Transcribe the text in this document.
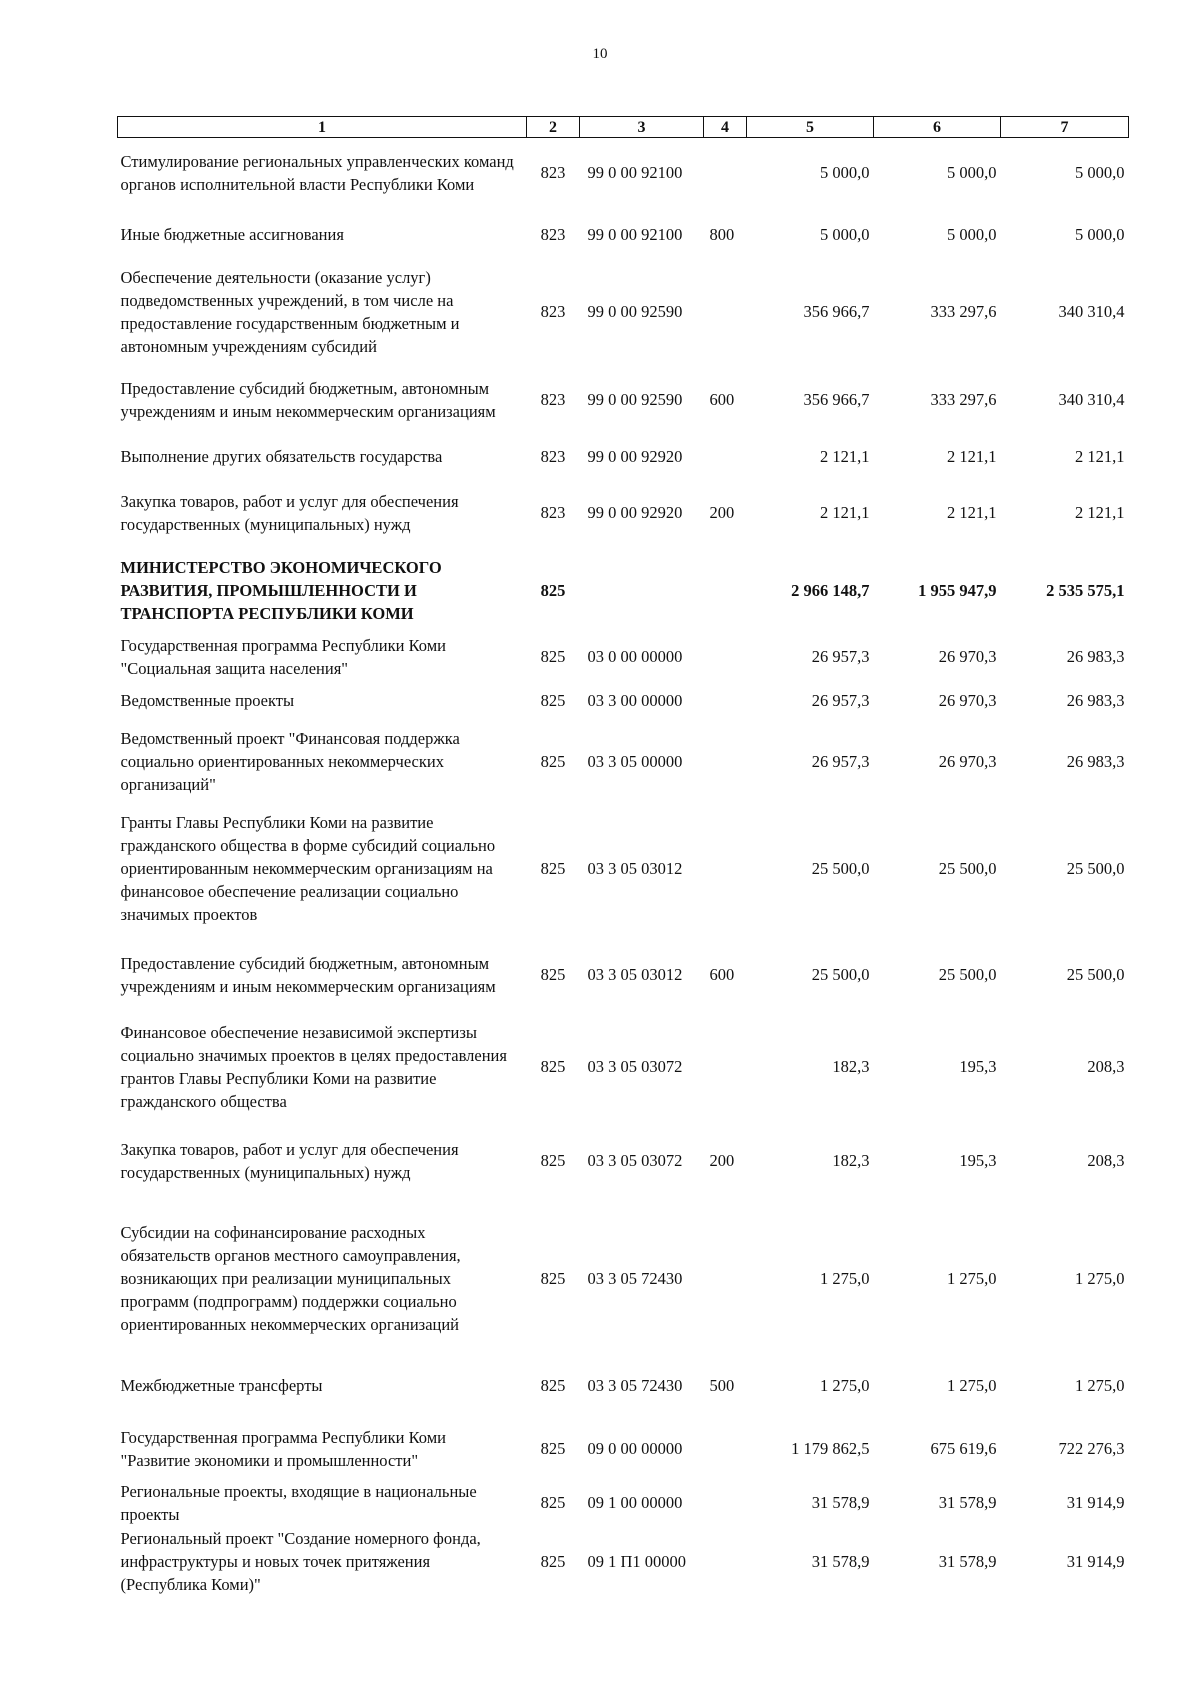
10
1	2	3	4	5	6	7
Стимулирование региональных управленческих команд органов исполнительной власти Республики Коми	823	99 0 00 92100		5 000,0	5 000,0	5 000,0
Иные бюджетные ассигнования	823	99 0 00 92100	800	5 000,0	5 000,0	5 000,0
Обеспечение деятельности (оказание услуг) подведомственных учреждений, в том числе на предоставление государственным бюджетным и автономным учреждениям субсидий	823	99 0 00 92590		356 966,7	333 297,6	340 310,4
Предоставление субсидий бюджетным, автономным учреждениям и иным некоммерческим организациям	823	99 0 00 92590	600	356 966,7	333 297,6	340 310,4
Выполнение других обязательств государства	823	99 0 00 92920		2 121,1	2 121,1	2 121,1
Закупка товаров, работ и услуг для обеспечения государственных (муниципальных) нужд	823	99 0 00 92920	200	2 121,1	2 121,1	2 121,1
МИНИСТЕРСТВО ЭКОНОМИЧЕСКОГО РАЗВИТИЯ, ПРОМЫШЛЕННОСТИ И ТРАНСПОРТА РЕСПУБЛИКИ КОМИ	825			2 966 148,7	1 955 947,9	2 535 575,1
Государственная программа Республики Коми "Социальная защита населения"	825	03 0 00 00000		26 957,3	26 970,3	26 983,3
Ведомственные проекты	825	03 3 00 00000		26 957,3	26 970,3	26 983,3
Ведомственный проект "Финансовая поддержка социально ориентированных некоммерческих организаций"	825	03 3 05 00000		26 957,3	26 970,3	26 983,3
Гранты Главы Республики Коми на развитие гражданского общества в форме субсидий социально ориентированным некоммерческим организациям на финансовое обеспечение реализации социально значимых проектов	825	03 3 05 03012		25 500,0	25 500,0	25 500,0
Предоставление субсидий бюджетным, автономным учреждениям и иным некоммерческим организациям	825	03 3 05 03012	600	25 500,0	25 500,0	25 500,0
Финансовое обеспечение независимой экспертизы социально значимых проектов в целях предоставления грантов Главы Республики Коми на развитие гражданского общества	825	03 3 05 03072		182,3	195,3	208,3
Закупка товаров, работ и услуг для обеспечения государственных (муниципальных) нужд	825	03 3 05 03072	200	182,3	195,3	208,3
Субсидии на софинансирование расходных обязательств органов местного самоуправления, возникающих при реализации муниципальных программ (подпрограмм) поддержки социально ориентированных некоммерческих организаций	825	03 3 05 72430		1 275,0	1 275,0	1 275,0
Межбюджетные трансферты	825	03 3 05 72430	500	1 275,0	1 275,0	1 275,0
Государственная программа Республики Коми "Развитие экономики и промышленности"	825	09 0 00 00000		1 179 862,5	675 619,6	722 276,3
Региональные проекты, входящие в национальные проекты	825	09 1 00 00000		31 578,9	31 578,9	31 914,9
Региональный проект "Создание номерного фонда, инфраструктуры и новых точек притяжения (Республика Коми)"	825	09 1 П1 00000		31 578,9	31 578,9	31 914,9
